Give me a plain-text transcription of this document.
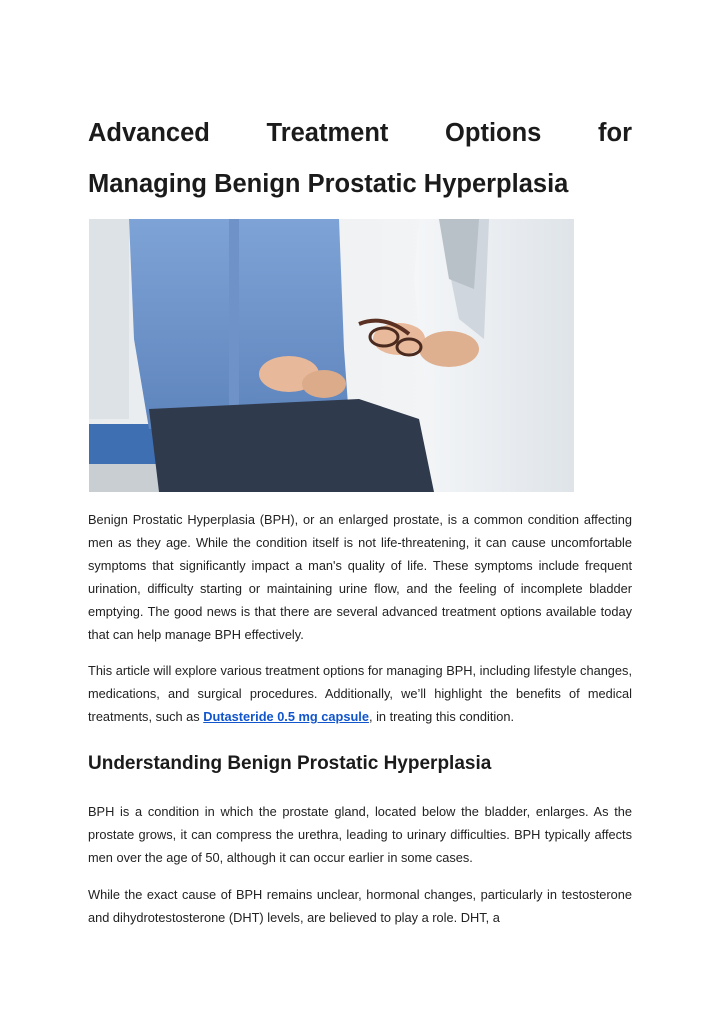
Advanced Treatment Options for
Managing Benign Prostatic Hyperplasia

Benign Prostatic Hyperplasia (BPH), or an enlarged prostate, is a common condition affecting men as they age. While the condition itself is not life-threatening, it can cause uncomfortable symptoms that significantly impact a man's quality of life. These symptoms include frequent urination, difficulty starting or maintaining urine flow, and the feeling of incomplete bladder emptying. The good news is that there are several advanced treatment options available today that can help manage BPH effectively.

This article will explore various treatment options for managing BPH, including lifestyle changes, medications, and surgical procedures. Additionally, we’ll highlight the benefits of medical treatments, such as Dutasteride 0.5 mg capsule, in treating this condition.

Understanding Benign Prostatic Hyperplasia

BPH is a condition in which the prostate gland, located below the bladder, enlarges. As the prostate grows, it can compress the urethra, leading to urinary difficulties. BPH typically affects men over the age of 50, although it can occur earlier in some cases.

While the exact cause of BPH remains unclear, hormonal changes, particularly in testosterone and dihydrotestosterone (DHT) levels, are believed to play a role. DHT, a
